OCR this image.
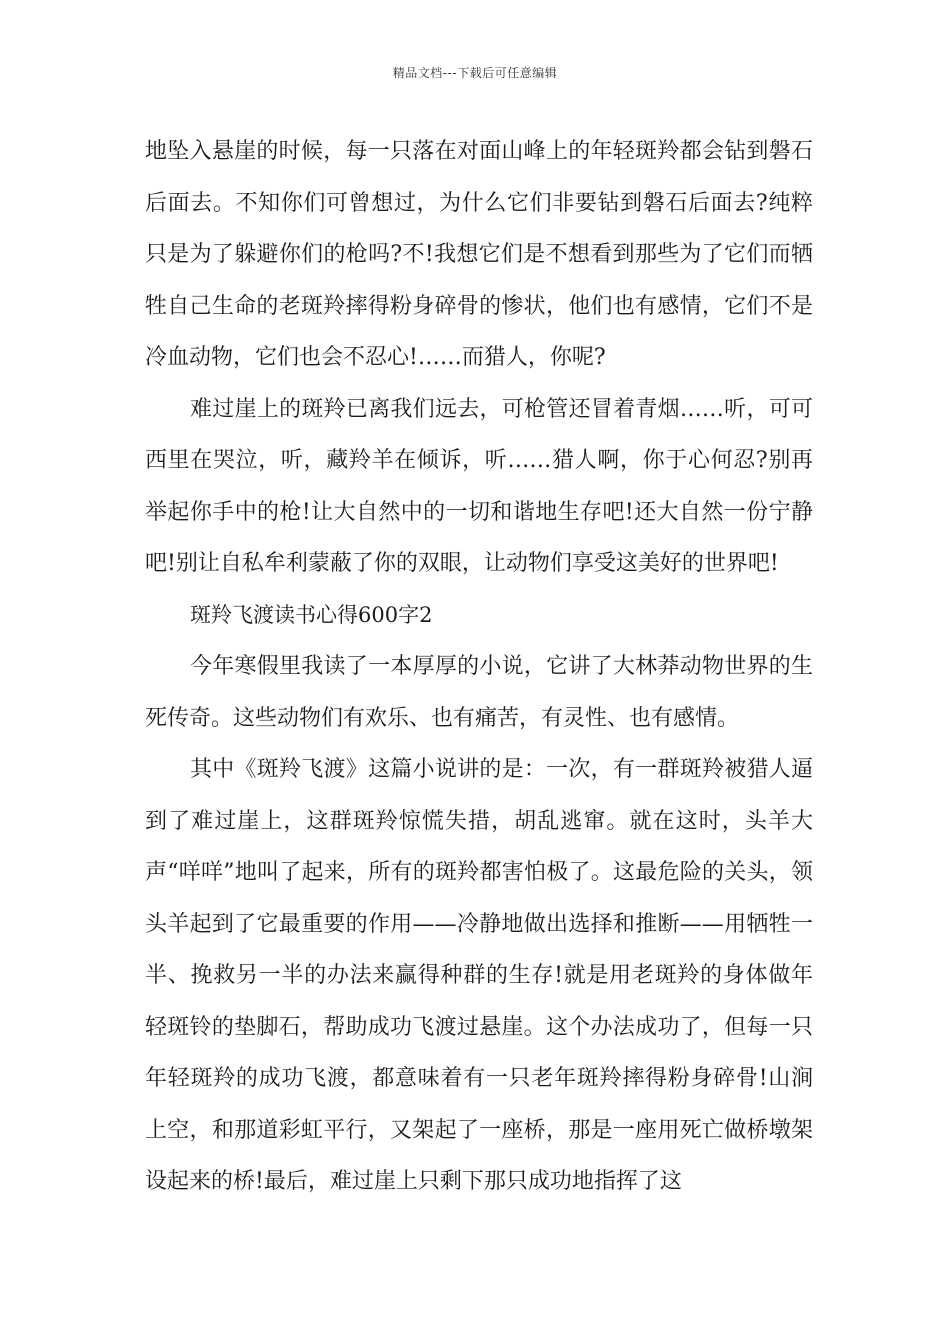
精品文档---下载后可任意编辑

地坠入悬崖的时候，每一只落在对面山峰上的年轻斑羚都会钻到磐石后面去。不知你们可曾想过，为什么它们非要钻到磐石后面去?纯粹只是为了躲避你们的枪吗?不!我想它们是不想看到那些为了它们而牺牲自己生命的老斑羚摔得粉身碎骨的惨状，他们也有感情，它们不是冷血动物，它们也会不忍心!……而猎人，你呢?

难过崖上的斑羚已离我们远去，可枪管还冒着青烟……听，可可西里在哭泣，听，藏羚羊在倾诉，听……猎人啊，你于心何忍?别再举起你手中的枪!让大自然中的一切和谐地生存吧!还大自然一份宁静吧!别让自私牟利蒙蔽了你的双眼，让动物们享受这美好的世界吧!

斑羚飞渡读书心得600字2

今年寒假里我读了一本厚厚的小说，它讲了大林莽动物世界的生死传奇。这些动物们有欢乐、也有痛苦，有灵性、也有感情。

其中《斑羚飞渡》这篇小说讲的是：一次，有一群斑羚被猎人逼到了难过崖上，这群斑羚惊慌失措，胡乱逃窜。就在这时，头羊大声“咩咩”地叫了起来，所有的斑羚都害怕极了。这最危险的关头，领头羊起到了它最重要的作用——冷静地做出选择和推断——用牺牲一半、挽救另一半的办法来赢得种群的生存!就是用老斑羚的身体做年轻斑铃的垫脚石，帮助成功飞渡过悬崖。这个办法成功了，但每一只年轻斑羚的成功飞渡，都意味着有一只老年斑羚摔得粉身碎骨!山涧上空，和那道彩虹平行，又架起了一座桥，那是一座用死亡做桥墩架设起来的桥!最后，难过崖上只剩下那只成功地指挥了这
